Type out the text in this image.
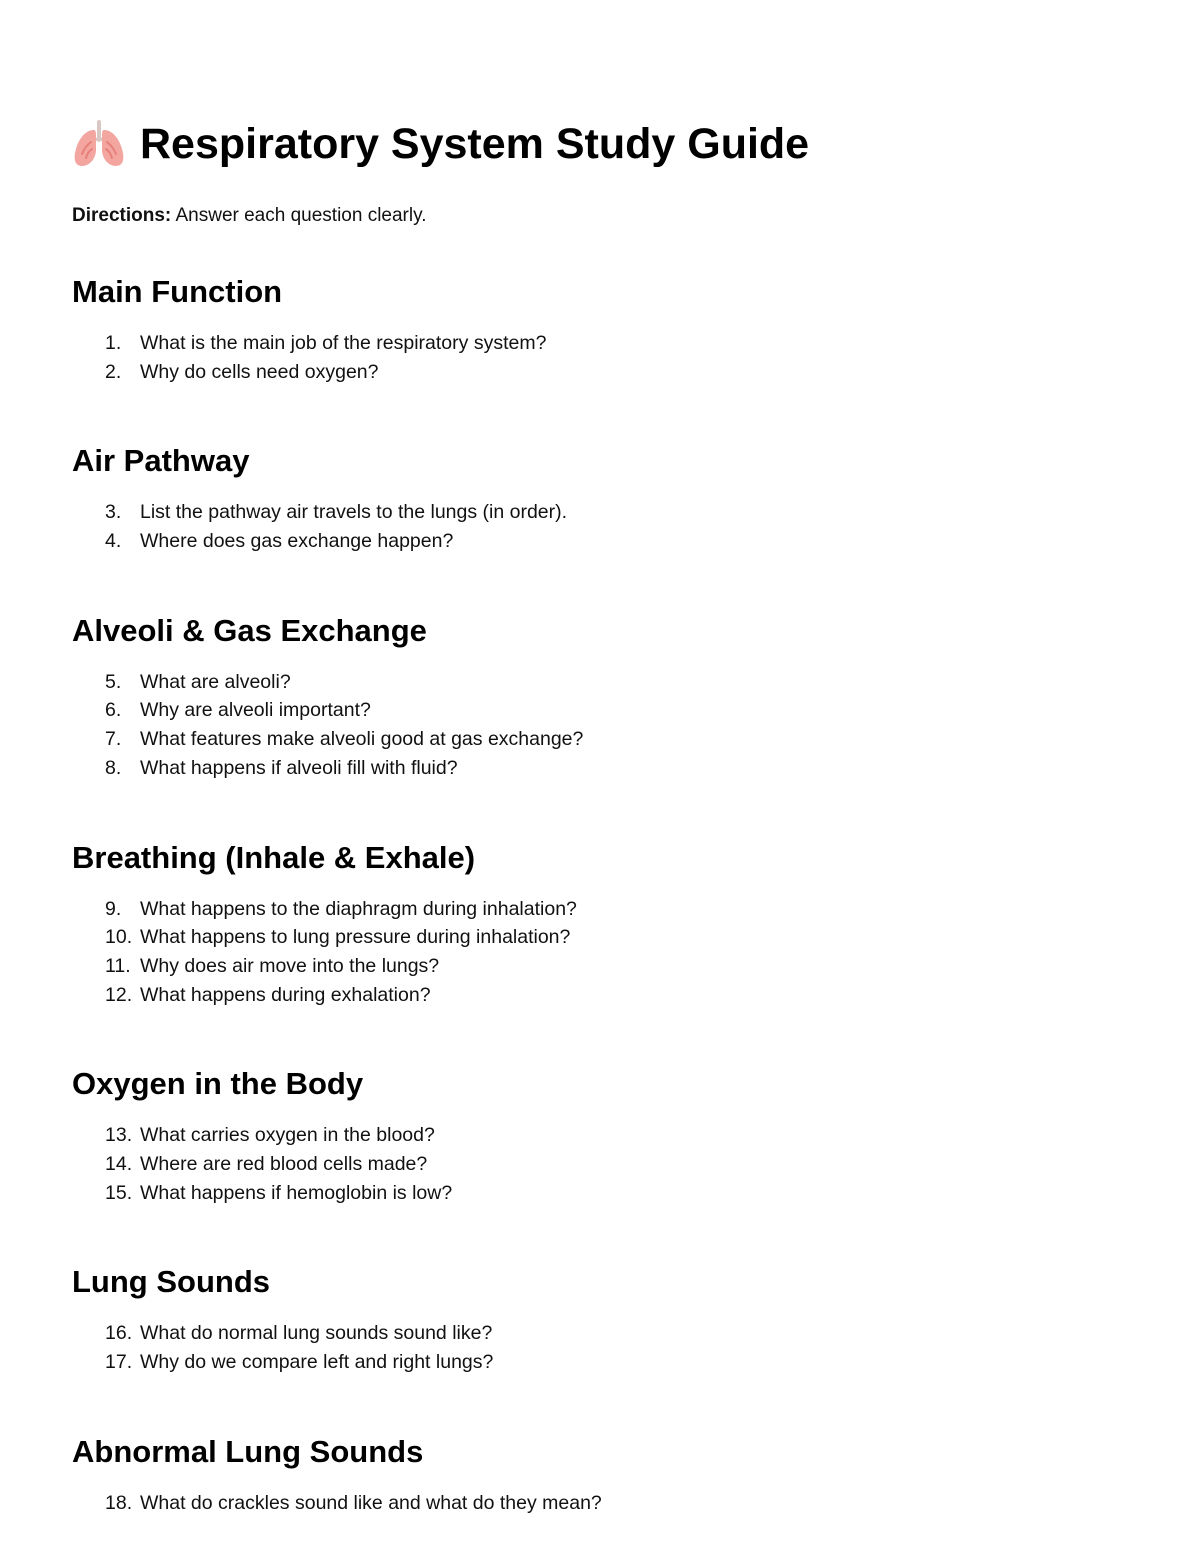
Respiratory System Study Guide

Directions: Answer each question clearly.

Main Function
1. What is the main job of the respiratory system?
2. Why do cells need oxygen?
Air Pathway
3. List the pathway air travels to the lungs (in order).
4. Where does gas exchange happen?
Alveoli & Gas Exchange
5. What are alveoli?
6. Why are alveoli important?
7. What features make alveoli good at gas exchange?
8. What happens if alveoli fill with fluid?
Breathing (Inhale & Exhale)
9. What happens to the diaphragm during inhalation?
10. What happens to lung pressure during inhalation?
11. Why does air move into the lungs?
12. What happens during exhalation?
Oxygen in the Body
13. What carries oxygen in the blood?
14. Where are red blood cells made?
15. What happens if hemoglobin is low?
Lung Sounds
16. What do normal lung sounds sound like?
17. Why do we compare left and right lungs?
Abnormal Lung Sounds
18. What do crackles sound like and what do they mean?
